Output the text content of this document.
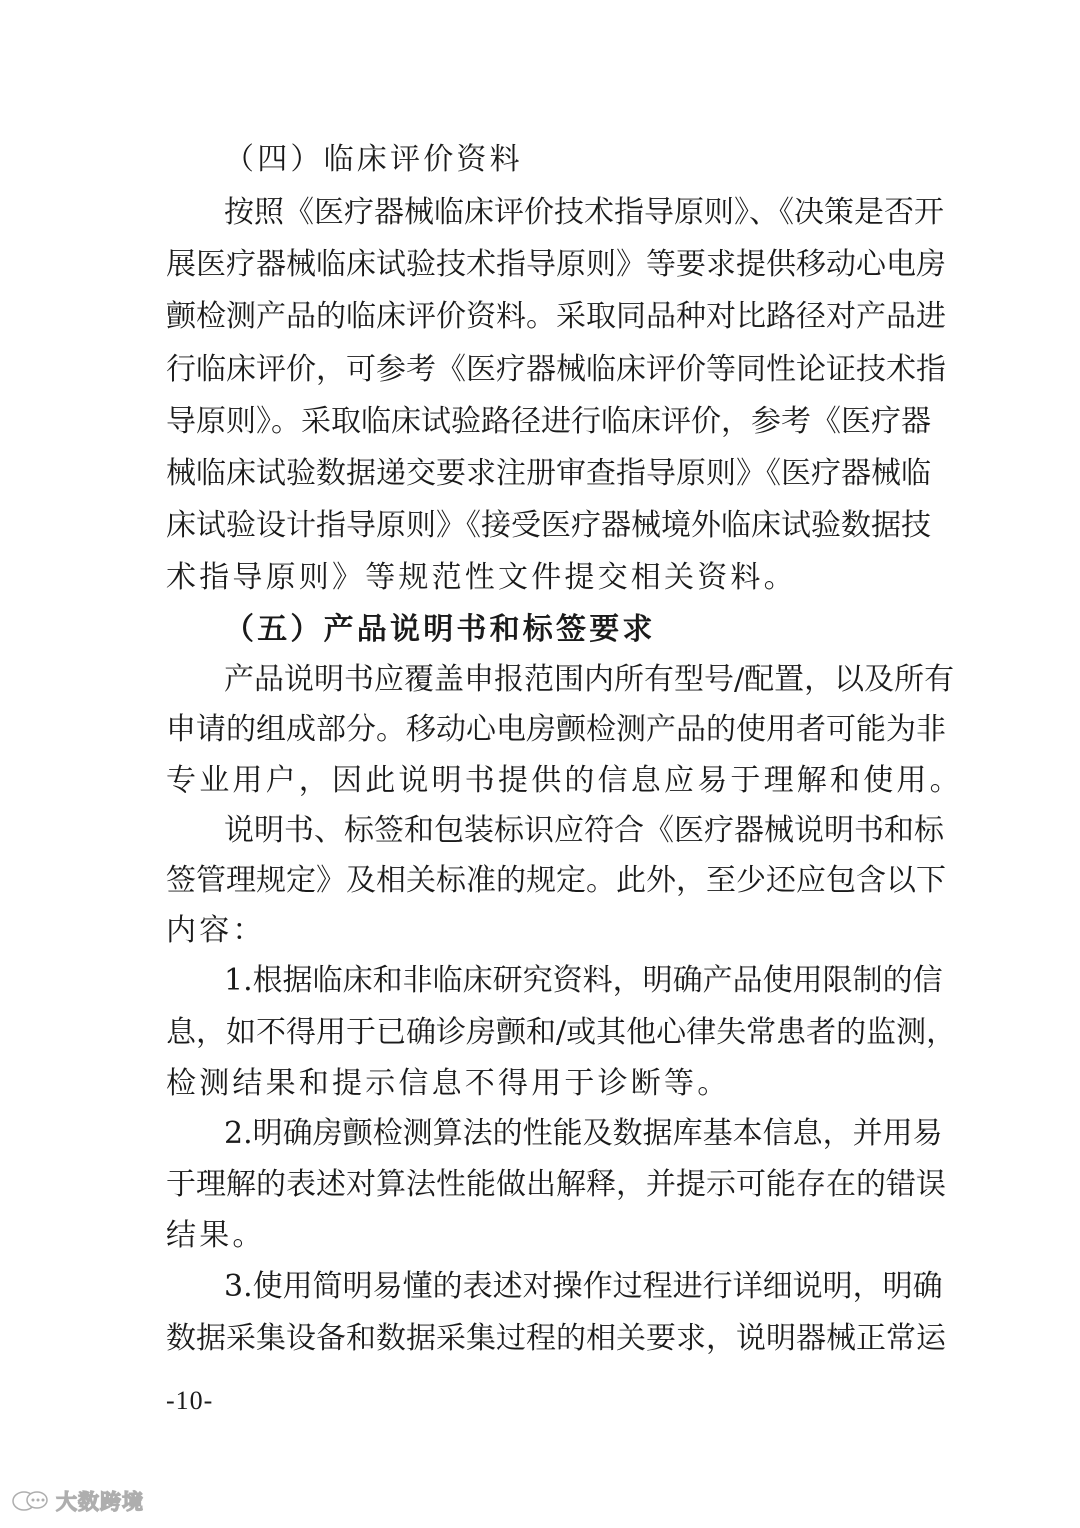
（四）临床评价资料
按照《医疗器械临床评价技术指导原则》、《决策是否开
展医疗器械临床试验技术指导原则》等要求提供移动心电房
颤检测产品的临床评价资料。采取同品种对比路径对产品进
行临床评价，可参考《医疗器械临床评价等同性论证技术指
导原则》。采取临床试验路径进行临床评价，参考《医疗器
械临床试验数据递交要求注册审查指导原则》《医疗器械临
床试验设计指导原则》《接受医疗器械境外临床试验数据技
术指导原则》等规范性文件提交相关资料。
（五）产品说明书和标签要求
产品说明书应覆盖申报范围内所有型号/配置，以及所有
申请的组成部分。移动心电房颤检测产品的使用者可能为非
专业用户，因此说明书提供的信息应易于理解和使用。
说明书、标签和包装标识应符合《医疗器械说明书和标
签管理规定》及相关标准的规定。此外，至少还应包含以下
内容：
1.根据临床和非临床研究资料，明确产品使用限制的信
息，如不得用于已确诊房颤和/或其他心律失常患者的监测，
检测结果和提示信息不得用于诊断等。
2.明确房颤检测算法的性能及数据库基本信息，并用易
于理解的表述对算法性能做出解释，并提示可能存在的错误
结果。
3.使用简明易懂的表述对操作过程进行详细说明，明确
数据采集设备和数据采集过程的相关要求，说明器械正常运
-10-
大数跨境
